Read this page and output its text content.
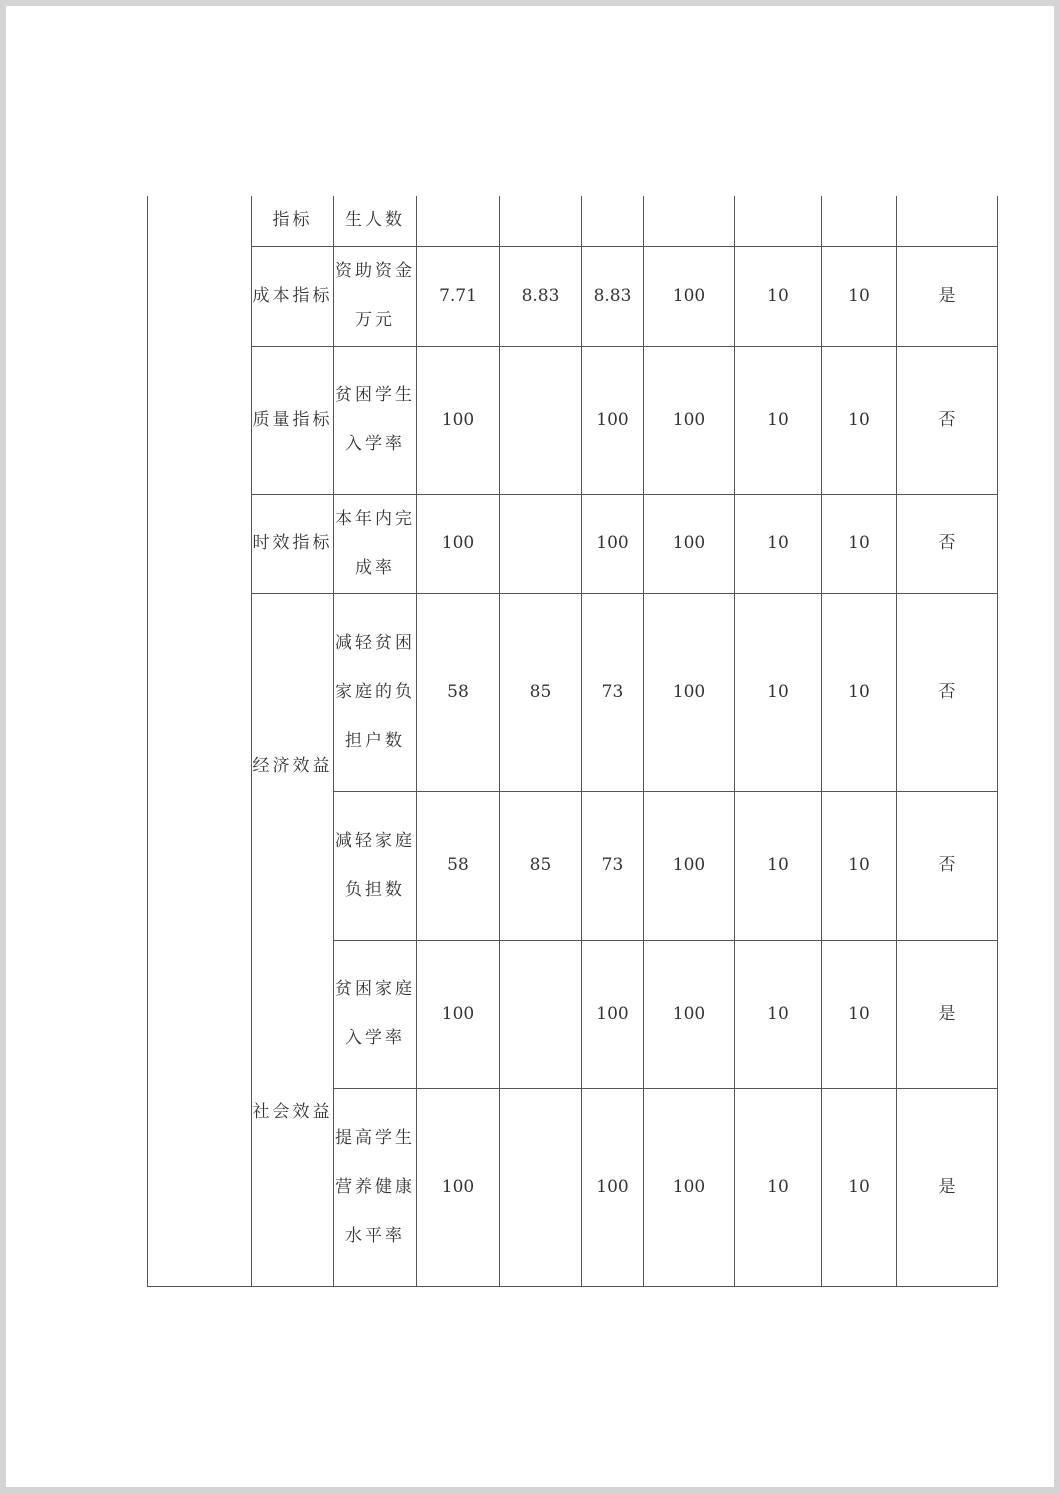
	指标	生人数							
	成本指标	资助资金万元	7.71	8.83	8.83	100	10	10	是
	质量指标	贫困学生入学率	100		100	100	10	10	否
	时效指标	本年内完成率	100		100	100	10	10	否
	经济效益	减轻贫困家庭的负担户数	58	85	73	100	10	10	否
		减轻家庭负担数	58	85	73	100	10	10	否
	社会效益	贫困家庭入学率	100		100	100	10	10	是
		提高学生营养健康水平率	100		100	100	10	10	是
